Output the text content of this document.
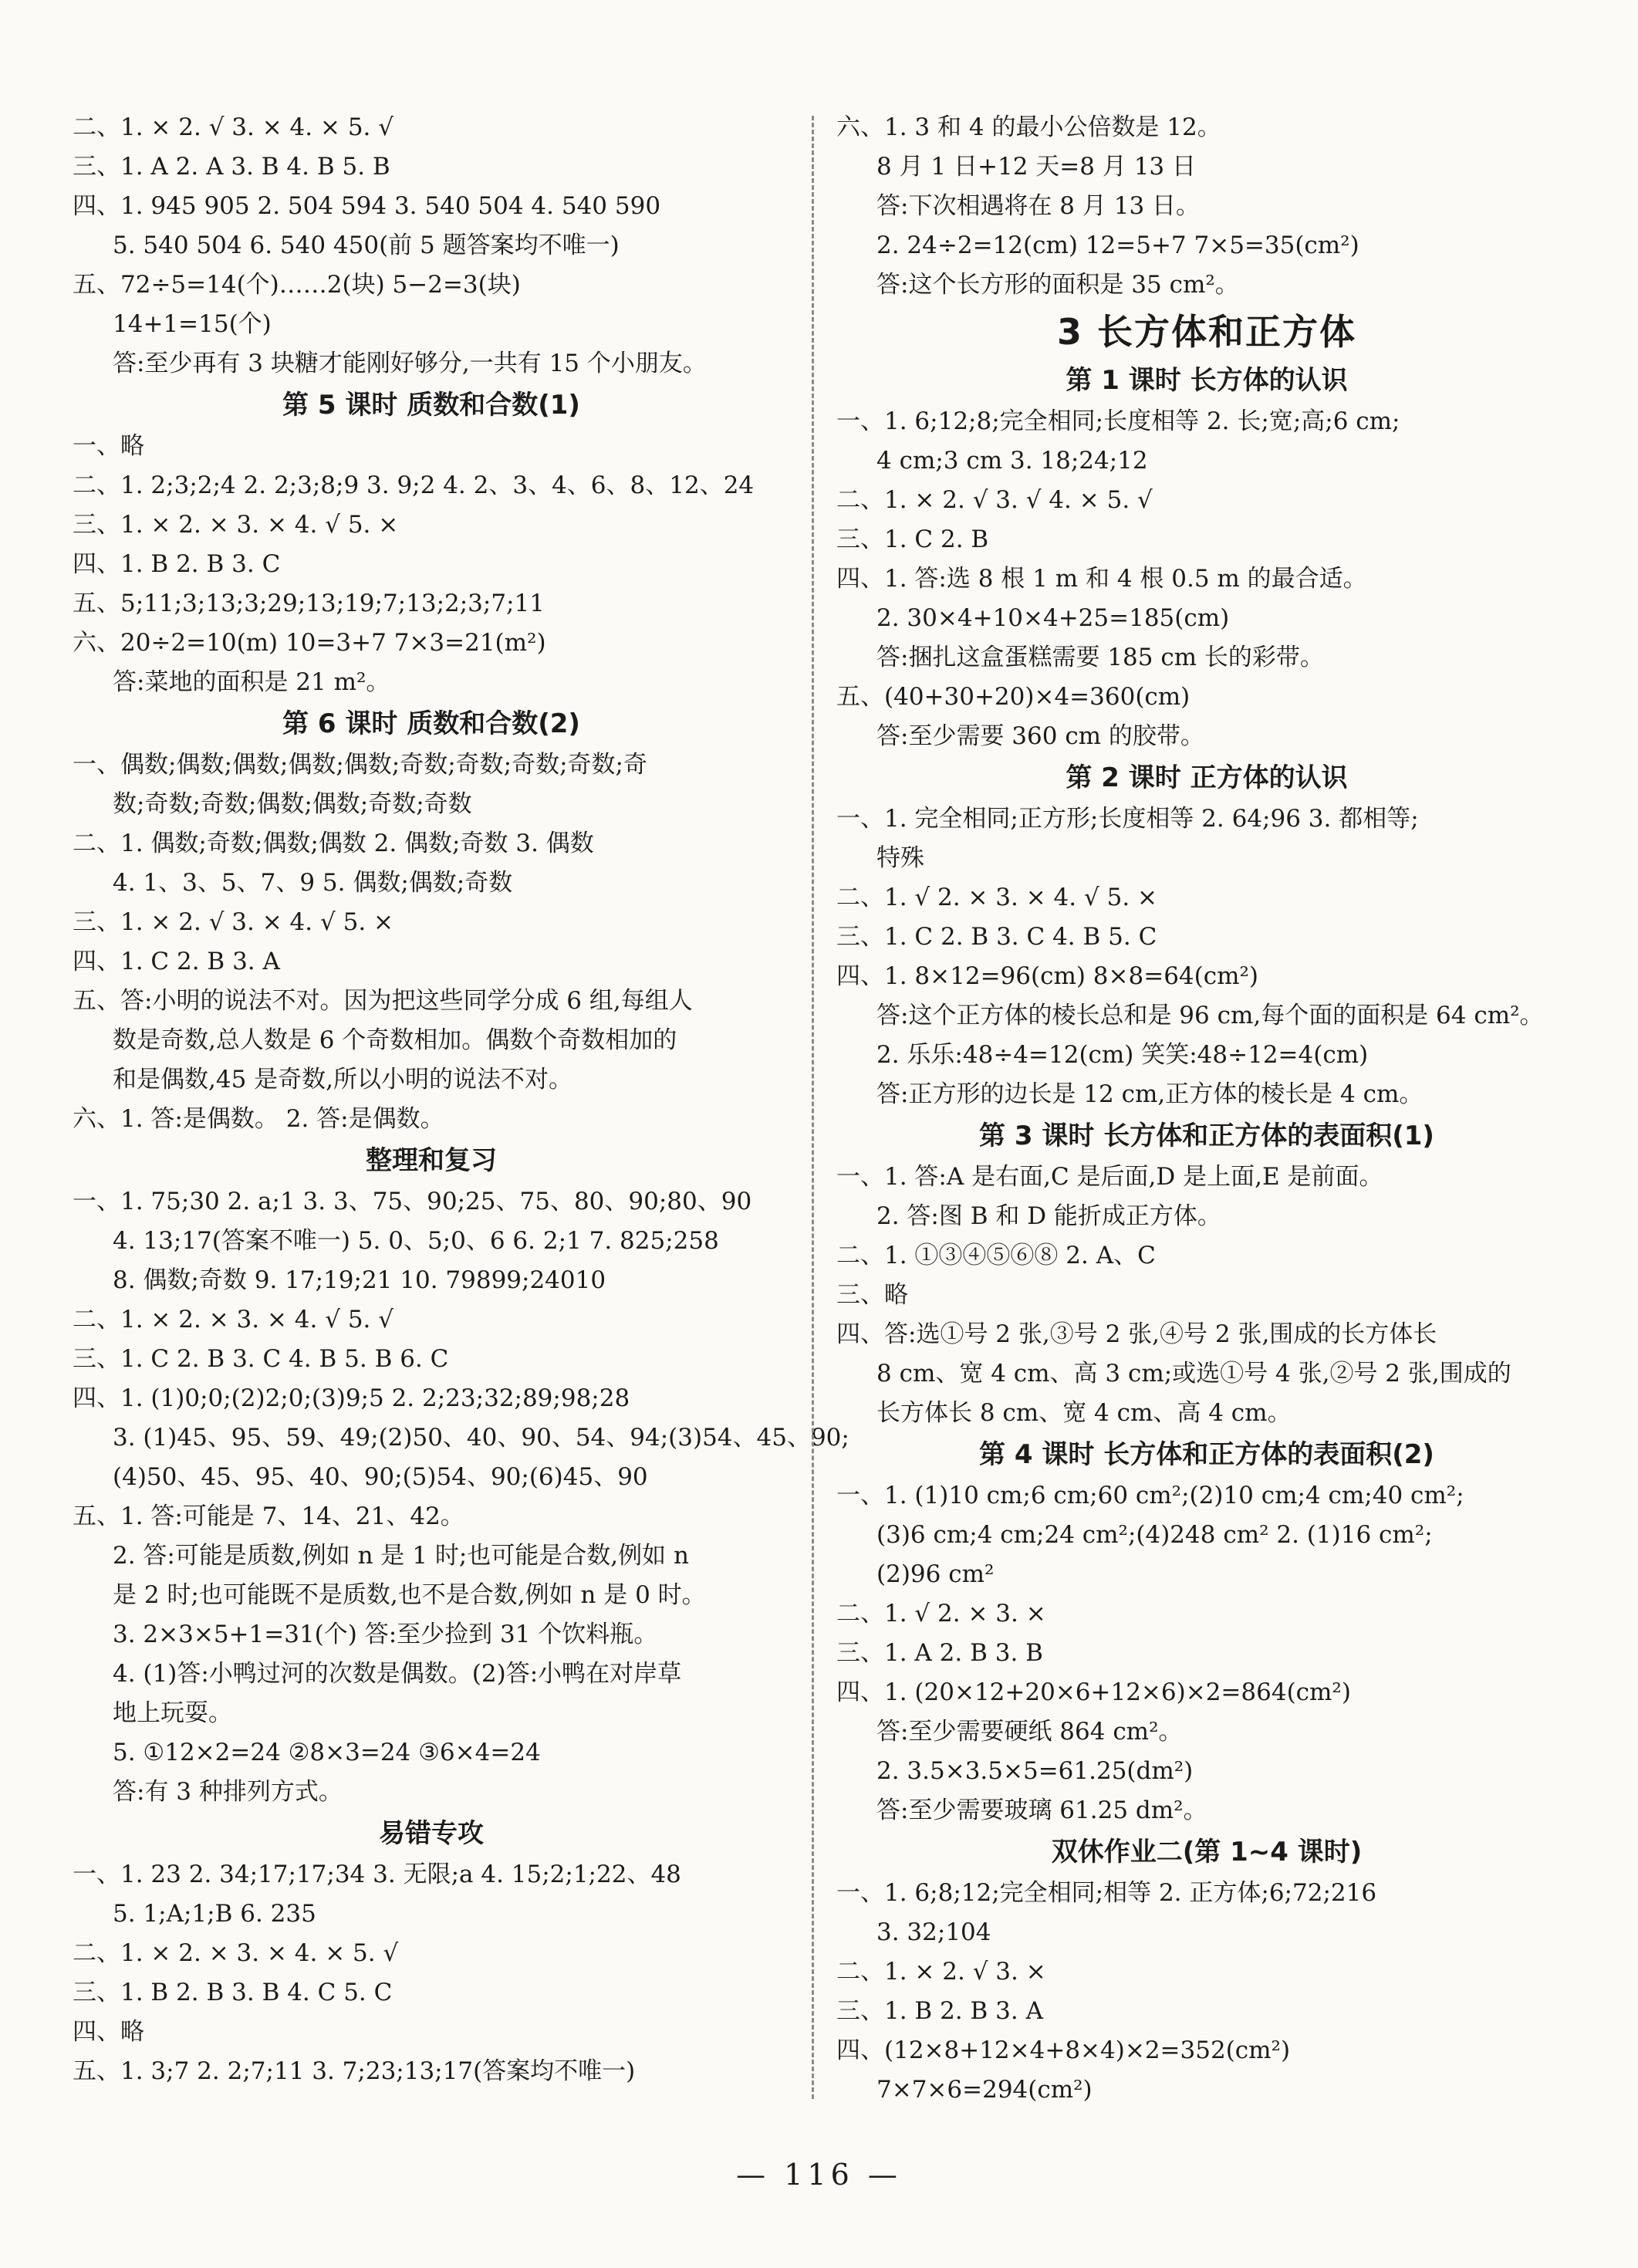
二、1. × 2. √ 3. × 4. × 5. √
三、1. A 2. A 3. B 4. B 5. B
四、1. 945 905 2. 504 594 3. 540 504 4. 540 590
5. 540 504 6. 540 450(前 5 题答案均不唯一)
五、72÷5=14(个)……2(块) 5−2=3(块)
14+1=15(个)
答:至少再有 3 块糖才能刚好够分,一共有 15 个小朋友。
第 5 课时 质数和合数(1)
一、略
二、1. 2;3;2;4 2. 2;3;8;9 3. 9;2 4. 2、3、4、6、8、12、24
三、1. × 2. × 3. × 4. √ 5. ×
四、1. B 2. B 3. C
五、5;11;3;13;3;29;13;19;7;13;2;3;7;11
六、20÷2=10(m) 10=3+7 7×3=21(m²)
答:菜地的面积是 21 m²。
第 6 课时 质数和合数(2)
一、偶数;偶数;偶数;偶数;偶数;奇数;奇数;奇数;奇数;奇
数;奇数;奇数;偶数;偶数;奇数;奇数
二、1. 偶数;奇数;偶数;偶数 2. 偶数;奇数 3. 偶数
4. 1、3、5、7、9 5. 偶数;偶数;奇数
三、1. × 2. √ 3. × 4. √ 5. ×
四、1. C 2. B 3. A
五、答:小明的说法不对。因为把这些同学分成 6 组,每组人
数是奇数,总人数是 6 个奇数相加。偶数个奇数相加的
和是偶数,45 是奇数,所以小明的说法不对。
六、1. 答:是偶数。 2. 答:是偶数。
整理和复习
一、1. 75;30 2. a;1 3. 3、75、90;25、75、80、90;80、90
4. 13;17(答案不唯一) 5. 0、5;0、6 6. 2;1 7. 825;258
8. 偶数;奇数 9. 17;19;21 10. 79899;24010
二、1. × 2. × 3. × 4. √ 5. √
三、1. C 2. B 3. C 4. B 5. B 6. C
四、1. (1)0;0;(2)2;0;(3)9;5 2. 2;23;32;89;98;28
3. (1)45、95、59、49;(2)50、40、90、54、94;(3)54、45、90;
(4)50、45、95、40、90;(5)54、90;(6)45、90
五、1. 答:可能是 7、14、21、42。
2. 答:可能是质数,例如 n 是 1 时;也可能是合数,例如 n
是 2 时;也可能既不是质数,也不是合数,例如 n 是 0 时。
3. 2×3×5+1=31(个) 答:至少捡到 31 个饮料瓶。
4. (1)答:小鸭过河的次数是偶数。(2)答:小鸭在对岸草
地上玩耍。
5. ①12×2=24 ②8×3=24 ③6×4=24
答:有 3 种排列方式。
易错专攻
一、1. 23 2. 34;17;17;34 3. 无限;a 4. 15;2;1;22、48
5. 1;A;1;B 6. 235
二、1. × 2. × 3. × 4. × 5. √
三、1. B 2. B 3. B 4. C 5. C
四、略
五、1. 3;7 2. 2;7;11 3. 7;23;13;17(答案均不唯一)
六、1. 3 和 4 的最小公倍数是 12。
8 月 1 日+12 天=8 月 13 日
答:下次相遇将在 8 月 13 日。
2. 24÷2=12(cm) 12=5+7 7×5=35(cm²)
答:这个长方形的面积是 35 cm²。
3 长方体和正方体
第 1 课时 长方体的认识
一、1. 6;12;8;完全相同;长度相等 2. 长;宽;高;6 cm;
4 cm;3 cm 3. 18;24;12
二、1. × 2. √ 3. √ 4. × 5. √
三、1. C 2. B
四、1. 答:选 8 根 1 m 和 4 根 0.5 m 的最合适。
2. 30×4+10×4+25=185(cm)
答:捆扎这盒蛋糕需要 185 cm 长的彩带。
五、(40+30+20)×4=360(cm)
答:至少需要 360 cm 的胶带。
第 2 课时 正方体的认识
一、1. 完全相同;正方形;长度相等 2. 64;96 3. 都相等;
特殊
二、1. √ 2. × 3. × 4. √ 5. ×
三、1. C 2. B 3. C 4. B 5. C
四、1. 8×12=96(cm) 8×8=64(cm²)
答:这个正方体的棱长总和是 96 cm,每个面的面积是 64 cm²。
2. 乐乐:48÷4=12(cm) 笑笑:48÷12=4(cm)
答:正方形的边长是 12 cm,正方体的棱长是 4 cm。
第 3 课时 长方体和正方体的表面积(1)
一、1. 答:A 是右面,C 是后面,D 是上面,E 是前面。
2. 答:图 B 和 D 能折成正方体。
二、1. ①③④⑤⑥⑧ 2. A、C
三、略
四、答:选①号 2 张,③号 2 张,④号 2 张,围成的长方体长
8 cm、宽 4 cm、高 3 cm;或选①号 4 张,②号 2 张,围成的
长方体长 8 cm、宽 4 cm、高 4 cm。
第 4 课时 长方体和正方体的表面积(2)
一、1. (1)10 cm;6 cm;60 cm²;(2)10 cm;4 cm;40 cm²;
(3)6 cm;4 cm;24 cm²;(4)248 cm² 2. (1)16 cm²;
(2)96 cm²
二、1. √ 2. × 3. ×
三、1. A 2. B 3. B
四、1. (20×12+20×6+12×6)×2=864(cm²)
答:至少需要硬纸 864 cm²。
2. 3.5×3.5×5=61.25(dm²)
答:至少需要玻璃 61.25 dm²。
双休作业二(第 1~4 课时)
一、1. 6;8;12;完全相同;相等 2. 正方体;6;72;216
3. 32;104
二、1. × 2. √ 3. ×
三、1. B 2. B 3. A
四、(12×8+12×4+8×4)×2=352(cm²)
7×7×6=294(cm²)
— 116 —
